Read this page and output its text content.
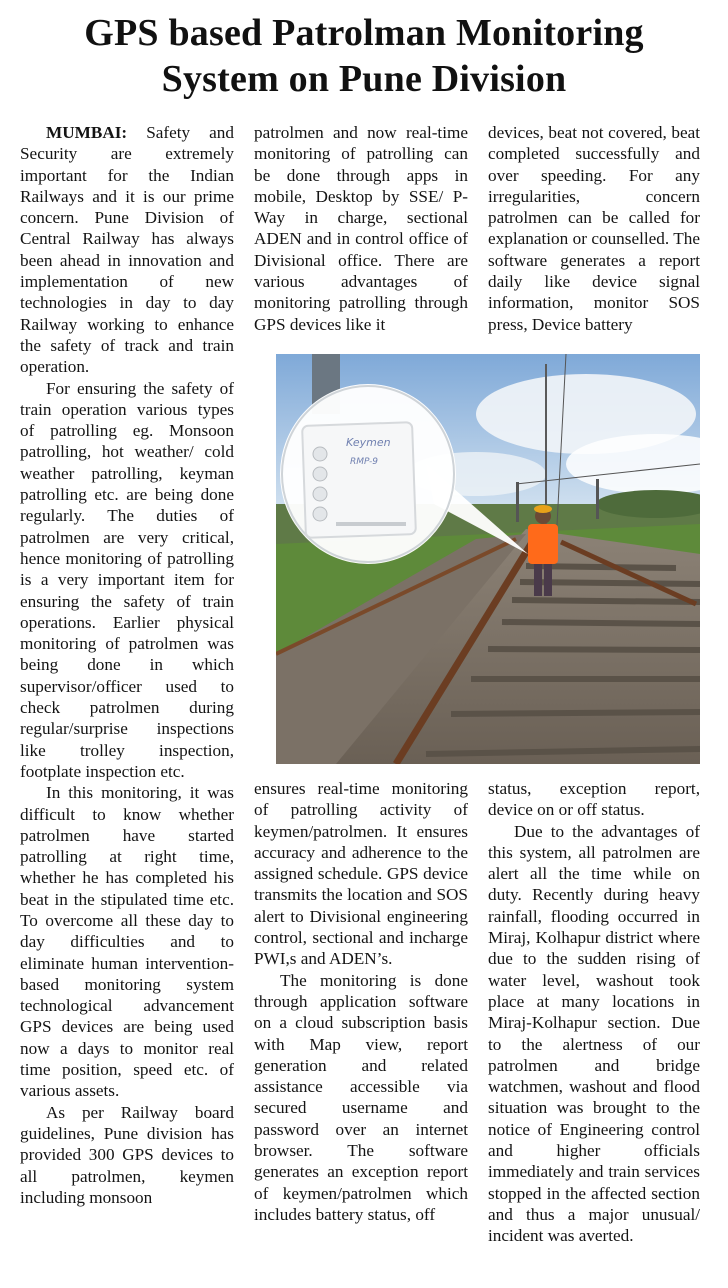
GPS based Patrolman Monitoring
System on Pune Division

MUMBAI: Safety and Security are extremely important for the Indian Railways and it is our prime concern. Pune Division of Central Railway has always been ahead in innovation and implementation of new technologies in day to day Railway working to enhance the safety of track and train operation.

For ensuring the safety of train operation various types of patrolling eg. Monsoon patrolling, hot weather/ cold weather patrolling, keyman patrolling etc. are being done regularly. The duties of patrolmen are very critical, hence monitoring of patrolling is a very important item for ensuring the safety of train operations. Earlier physical monitoring of patrolmen was being done in which supervisor/officer used to check patrolmen during regular/surprise inspections like trolley inspection, footplate inspection etc.

In this monitoring, it was difficult to know whether patrolmen have started patrolling at right time, whether he has completed his beat in the stipulated time etc. To overcome all these day to day difficulties and to eliminate human intervention-based monitoring system technological advancement GPS devices are being used now a days to monitor real time position, speed etc. of various assets.

As per Railway board guidelines, Pune division has provided 300 GPS devices to all patrolmen, keymen including monsoon

patrolmen and now real-time monitoring of patrolling can be done through apps in mobile, Desktop by SSE/ P-Way in charge, sectional ADEN and in control office of Divisional office. There are various advantages of monitoring patrolling through GPS devices like it

devices, beat not covered, beat completed successfully and over speeding. For any irregularities, concern patrolmen can be called for explanation or counselled. The software generates a report daily like device signal information, monitor SOS press, Device battery

Keymen
RMP-9

ensures real-time monitoring of patrolling activity of keymen/patrolmen. It ensures accuracy and adherence to the assigned schedule. GPS device transmits the location and SOS alert to Divisional engineering control, sectional and incharge PWI,s and ADEN’s.

The monitoring is done through application software on a cloud subscription basis with Map view, report generation and related assistance accessible via secured username and password over an internet browser. The software generates an exception report of keymen/patrolmen which includes battery status, off

status, exception report, device on or off status.

Due to the advantages of this system, all patrolmen are alert all the time while on duty. Recently during heavy rainfall, flooding occurred in Miraj, Kolhapur district where due to the sudden rising of water level, washout took place at many locations in Miraj-Kolhapur section. Due to the alertness of our patrolmen and bridge watchmen, washout and flood situation was brought to the notice of Engineering control and higher officials immediately and train services stopped in the affected section and thus a major unusual/ incident was averted.
